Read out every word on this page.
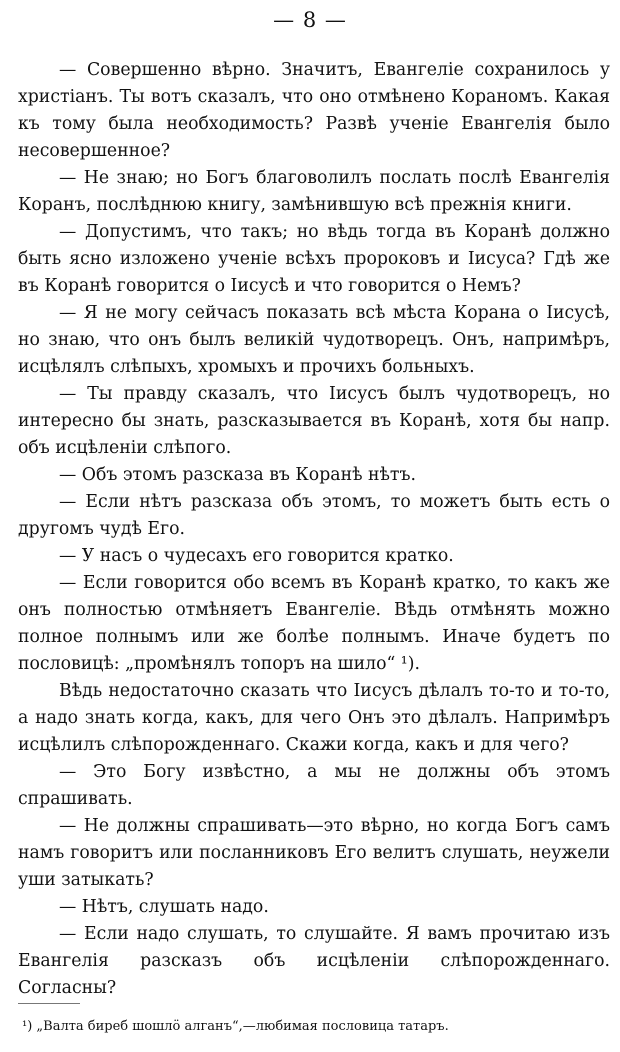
— 8 —

— Совершенно вѣрно. Значитъ, Евангеліе сохранилось у христіанъ. Ты вотъ сказалъ, что оно отмѣнено Кораномъ. Какая къ тому была необходимость? Развѣ ученіе Евангелія было несовершенное?

— Не знаю; но Богъ благоволилъ послать послѣ Евангелія Коранъ, послѣднюю книгу, замѣнившую всѣ прежнія книги.

— Допустимъ, что такъ; но вѣдь тогда въ Коранѣ должно быть ясно изложено ученіе всѣхъ пророковъ и Іисуса? Гдѣ же въ Коранѣ говорится о Іисусѣ и что говорится о Немъ?

— Я не могу сейчасъ показать всѣ мѣста Корана о Іисусѣ, но знаю, что онъ былъ великій чудотворецъ. Онъ, напримѣръ, исцѣлялъ слѣпыхъ, хромыхъ и прочихъ больныхъ.

— Ты правду сказалъ, что Іисусъ былъ чудотворецъ, но интересно бы знать, разсказывается въ Коранѣ, хотя бы напр. объ исцѣленіи слѣпого.

— Объ этомъ разсказа въ Коранѣ нѣтъ.

— Если нѣтъ разсказа объ этомъ, то можетъ быть есть о другомъ чудѣ Его.

— У насъ о чудесахъ его говорится кратко.

— Если говорится обо всемъ въ Коранѣ кратко, то какъ же онъ полностью отмѣняетъ Евангеліе. Вѣдь отмѣнять можно полное полнымъ или же болѣе полнымъ. Иначе будетъ по пословицѣ: „промѣнялъ топоръ на шило“ ¹).

Вѣдь недостаточно сказать что Іисусъ дѣлалъ то-то и то-то, а надо знать когда, какъ, для чего Онъ это дѣлалъ. Напримѣръ исцѣлилъ слѣпорожденнаго. Скажи когда, какъ и для чего?

— Это Богу извѣстно, а мы не должны объ этомъ спрашивать.

— Не должны спрашивать—это вѣрно, но когда Богъ самъ намъ говоритъ или посланниковъ Его велитъ слушать, неужели уши затыкать?

— Нѣтъ, слушать надо.

— Если надо слушать, то слушайте. Я вамъ прочитаю изъ Евангелія разсказъ объ исцѣленіи слѣпорожденнаго. Согласны?

¹) „Валта биреб шошлӧ алганъ“,—любимая пословица татаръ.
